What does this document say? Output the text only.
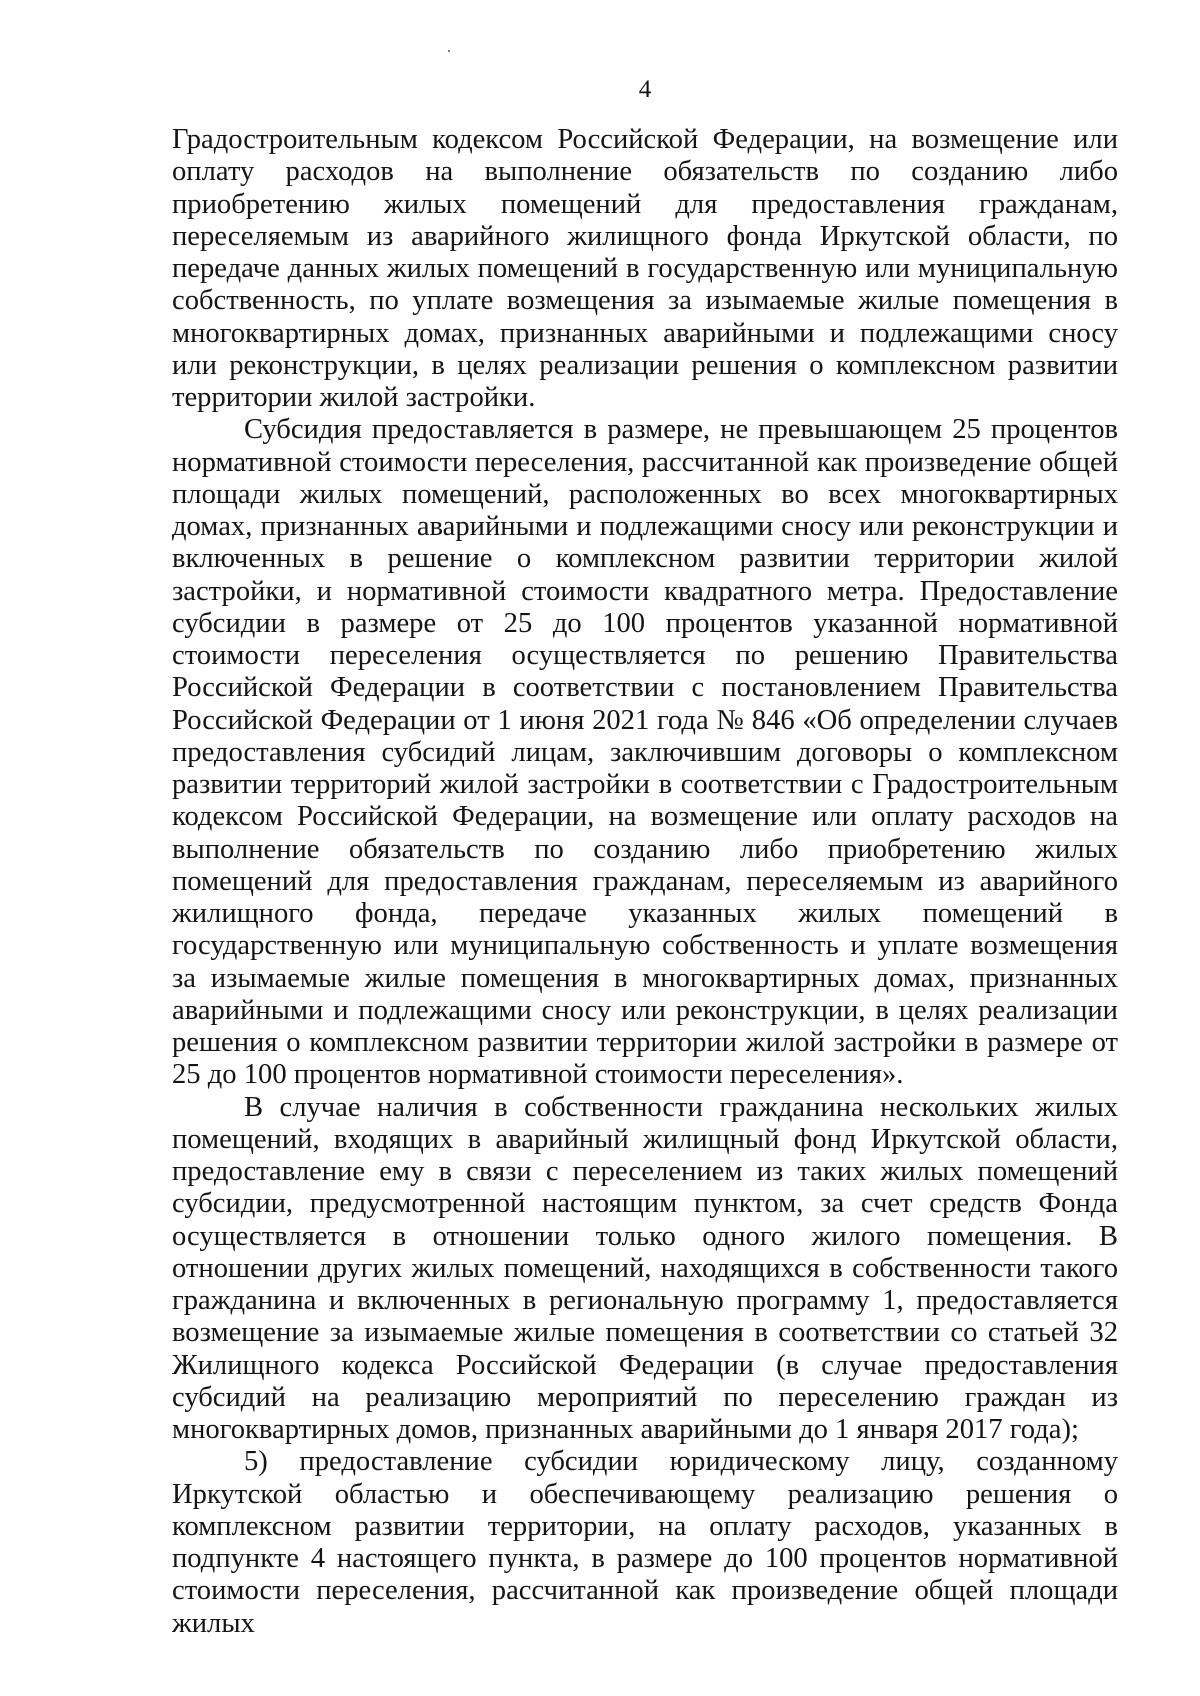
4

Градостроительным кодексом Российской Федерации, на возмещение или оплату расходов на выполнение обязательств по созданию либо приобретению жилых помещений для предоставления гражданам, переселяемым из аварийного жилищного фонда Иркутской области, по передаче данных жилых помещений в государственную или муниципальную собственность, по уплате возмещения за изымаемые жилые помещения в многоквартирных домах, признанных аварийными и подлежащими сносу или реконструкции, в целях реализации решения о комплексном развитии территории жилой застройки.

Субсидия предоставляется в размере, не превышающем 25 процентов нормативной стоимости переселения, рассчитанной как произведение общей площади жилых помещений, расположенных во всех многоквартирных домах, признанных аварийными и подлежащими сносу или реконструкции и включенных в решение о комплексном развитии территории жилой застройки, и нормативной стоимости квадратного метра. Предоставление субсидии в размере от 25 до 100 процентов указанной нормативной стоимости переселения осуществляется по решению Правительства Российской Федерации в соответствии с постановлением Правительства Российской Федерации от 1 июня 2021 года № 846 «Об определении случаев предоставления субсидий лицам, заключившим договоры о комплексном развитии территорий жилой застройки в соответствии с Градостроительным кодексом Российской Федерации, на возмещение или оплату расходов на выполнение обязательств по созданию либо приобретению жилых помещений для предоставления гражданам, переселяемым из аварийного жилищного фонда, передаче указанных жилых помещений в государственную или муниципальную собственность и уплате возмещения за изымаемые жилые помещения в многоквартирных домах, признанных аварийными и подлежащими сносу или реконструкции, в целях реализации решения о комплексном развитии территории жилой застройки в размере от 25 до 100 процентов нормативной стоимости переселения».

В случае наличия в собственности гражданина нескольких жилых помещений, входящих в аварийный жилищный фонд Иркутской области, предоставление ему в связи с переселением из таких жилых помещений субсидии, предусмотренной настоящим пунктом, за счет средств Фонда осуществляется в отношении только одного жилого помещения. В отношении других жилых помещений, находящихся в собственности такого гражданина и включенных в региональную программу 1, предоставляется возмещение за изымаемые жилые помещения в соответствии со статьей 32 Жилищного кодекса Российской Федерации (в случае предоставления субсидий на реализацию мероприятий по переселению граждан из многоквартирных домов, признанных аварийными до 1 января 2017 года);

5) предоставление субсидии юридическому лицу, созданному Иркутской областью и обеспечивающему реализацию решения о комплексном развитии территории, на оплату расходов, указанных в подпункте 4 настоящего пункта, в размере до 100 процентов нормативной стоимости переселения, рассчитанной как произведение общей площади жилых
